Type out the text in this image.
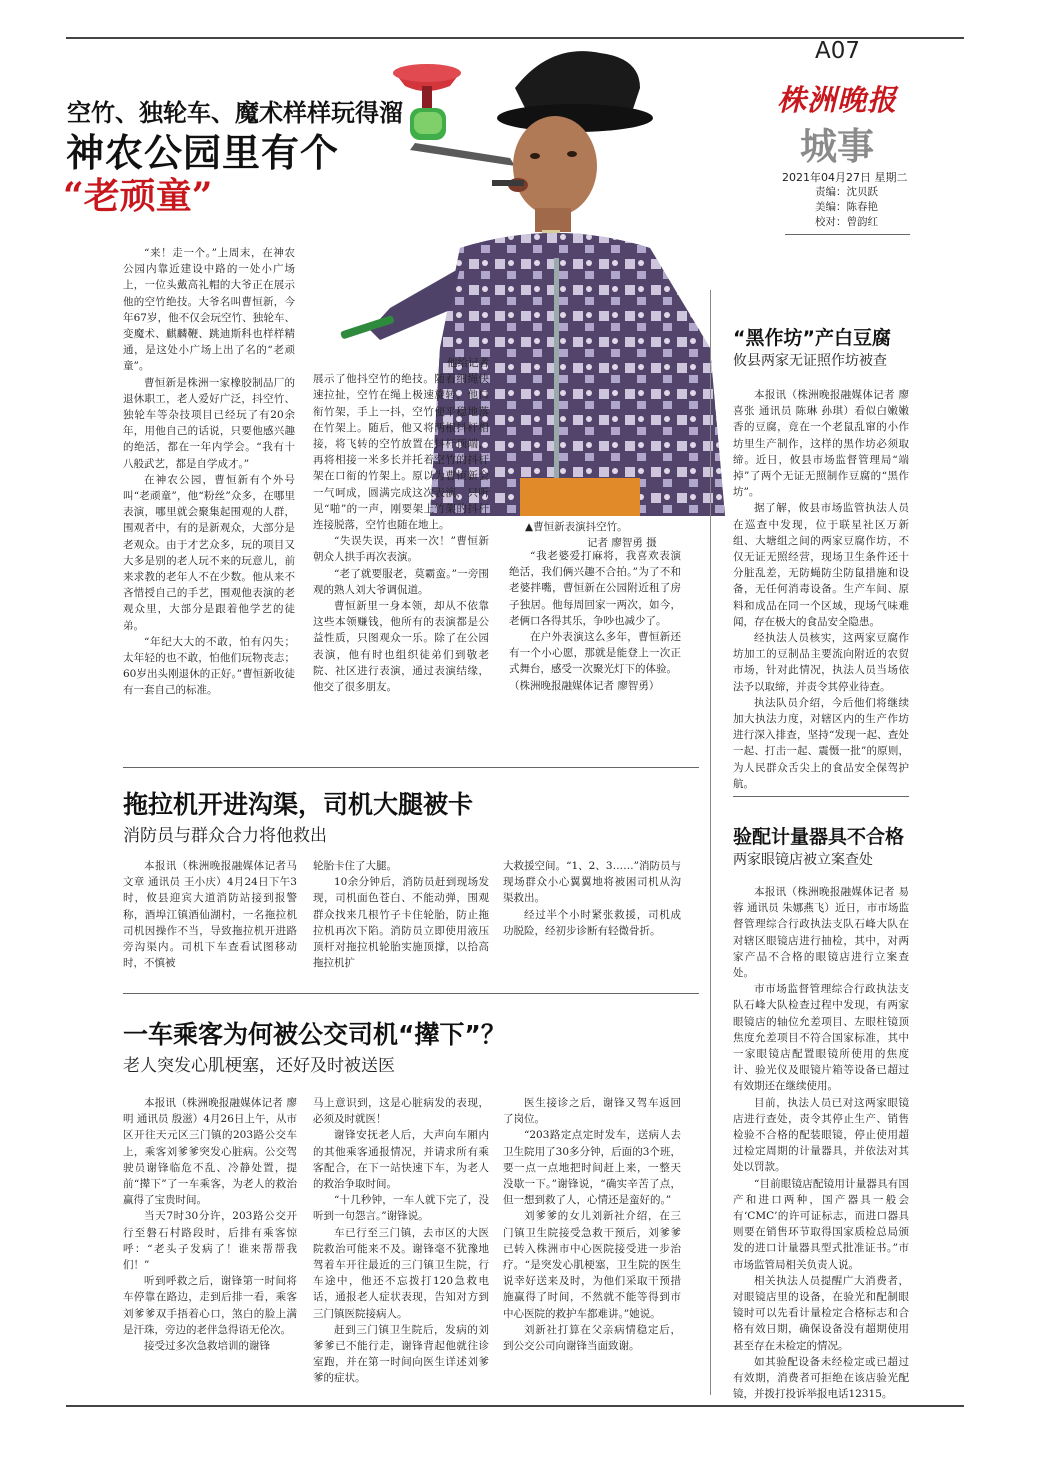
A07
株洲晚报
城事
2021年04月27日 星期二
责编：沈贝跃
美编：陈春艳
校对：曾韵红
空竹、独轮车、魔术样样玩得溜
神农公园里有个
“老顽童”
▲曹恒新表演抖空竹。
记者 廖智勇 摄

“来！走一个。”上周末，在神农公园内靠近建设中路的一处小广场上，一位头戴高礼帽的大爷正在展示他的空竹绝技。大爷名叫曹恒新，今年67岁，他不仅会玩空竹、独轮车、变魔术、麒麟鞭、跳迪斯科也样样精通，是这处小广场上出了名的“老顽童”。

曹恒新是株洲一家橡胶制品厂的退休职工，老人爱好广泛，抖空竹、独轮车等杂技项目已经玩了有20余年，用他自己的话说，只要他感兴趣的绝活，都在一年内学会。“我有十八般武艺，都是自学成才。”

在神农公园，曹恒新有个外号叫“老顽童”，他“粉丝”众多，在哪里表演，哪里就会聚集起围观的人群，围观者中，有的是新观众，大部分是老观众。由于才艺众多，玩的项目又大多是别的老人玩不来的玩意儿，前来求教的老年人不在少数。他从来不吝惜授自己的手艺，围观他表演的老观众里，大部分是跟着他学艺的徒弟。

“年纪大大的不敢，怕有闪失；太年轻的也不敢，怕他们玩物丧志；60岁出头刚退休的正好。”曹恒新收徒有一套自己的标准。

他给记者

展示了他抖空竹的绝技。随着细绳快速拉扯，空竹在绳上极速旋转，他口衔竹架，手上一抖，空竹便平稳地落在竹架上。随后，他又将两根抖杆相接，将飞转的空竹放置在抖杆顶端，再将相接一米多长并托着空竹的抖杆架在口衔的竹架上。原以为曹恒新会一气呵成，圆满完成这次表演，只听见“啪”的一声，刚要架上竹架的抖杆连接脱落，空竹也随在地上。

“失误失误，再来一次！”曹恒新朝众人拱手再次表演。

“老了就要服老，莫霸蛮。”一旁围观的熟人刘大爷调侃道。

曹恒新里一身本领，却从不依靠这些本领赚钱，他所有的表演都是公益性质，只图观众一乐。除了在公园表演，他有时也组织徒弟们到敬老院、社区进行表演，通过表演结缘，他交了很多朋友。

“我老婆爱打麻将，我喜欢表演绝活，我们俩兴趣不合拍。”为了不和老婆拌嘴，曹恒新在公园附近租了房子独居。他每周回家一两次，如今，老俩口各得其乐，争吵也减少了。

在户外表演这么多年，曹恒新还有一个小心愿，那就是能登上一次正式舞台，感受一次聚光灯下的体验。

（株洲晚报融媒体记者 廖智勇）

拖拉机开进沟渠，司机大腿被卡
消防员与群众合力将他救出

本报讯（株洲晚报融媒体记者马文章 通讯员 王小庆）4月24日下午3时，攸县迎宾大道消防站接到报警称，酒埠江镇酒仙湖村，一名拖拉机司机因操作不当，导致拖拉机开进路旁沟渠内。司机下车查看试图移动时，不慎被

轮胎卡住了大腿。

10余分钟后，消防员赶到现场发现，司机面色苍白、不能动弹，围观群众找来几根竹子卡住轮胎，防止拖拉机再次下陷。消防员立即使用液压顶杆对拖拉机轮胎实施顶撑，以拾高拖拉机扩

大救援空间。“1、2、3……”消防员与现场群众小心翼翼地将被困司机从沟渠救出。

经过半个小时紧张救援，司机成功脱险，经初步诊断有轻微骨折。

一车乘客为何被公交司机“撵下”？
老人突发心肌梗塞，还好及时被送医

本报讯（株洲晚报融媒体记者 廖明 通讯员 殷滋）4月26日上午，从市区开往天元区三门镇的203路公交车上，乘客刘爹爹突发心脏病。公交驾驶员谢锋临危不乱、冷静处置，提前“撵下”了一车乘客，为老人的救治赢得了宝贵时间。

当天7时30分许，203路公交开行至磐石村路段时，后排有乘客惊呼：“老头子发病了！谁来帮帮我们！”

听到呼救之后，谢锋第一时间将车停靠在路边，走到后排一看，乘客刘爹爹双手捂着心口，煞白的脸上满是汗珠，旁边的老伴急得语无伦次。

接受过多次急救培训的谢锋

马上意识到，这是心脏病发的表现，必须及时就医！

谢锋安抚老人后，大声向车厢内的其他乘客通报情况，并请求所有乘客配合，在下一站快速下车，为老人的救治争取时间。

“十几秒钟，一车人就下完了，没听到一句怨言。”谢锋说。

车已行至三门镇，去市区的大医院救治可能来不及。谢锋毫不犹豫地驾着车开往最近的三门镇卫生院，行车途中，他还不忘拨打120急救电话，通报老人症状表现，告知对方到三门镇医院接病人。

赶到三门镇卫生院后，发病的刘爹爹已不能行走，谢锋背起他就往诊室跑，并在第一时间向医生详述刘爹爹的症状。

医生接诊之后，谢锋又驾车返回了岗位。

“203路定点定时发车，送病人去卫生院用了30多分钟，后面的3个班，要一点一点地把时间赶上来，一整天没歇一下。”谢锋说，“确实辛苦了点，但一想到救了人，心情还是蛮好的。”

刘爹爹的女儿刘新社介绍，在三门镇卫生院接受急救干预后，刘爹爹已转入株洲市中心医院接受进一步治疗。“是突发心肌梗塞，卫生院的医生说幸好送来及时，为他们采取干预措施赢得了时间，不然就不能等得到市中心医院的救护车都难讲。”她说。

刘新社打算在父亲病情稳定后，到公交公司向谢锋当面致谢。

“黑作坊”产白豆腐
攸县两家无证照作坊被查

本报讯（株洲晚报融媒体记者 廖喜张 通讯员 陈琳 孙琪）看似白嫩嫩香的豆腐，竟在一个老鼠乱窜的小作坊里生产制作，这样的黑作坊必须取缔。近日，攸县市场监督管理局“端掉”了两个无证无照制作豆腐的“黑作坊”。

据了解，攸县市场监管执法人员在巡查中发现，位于联星社区万新组、大塘组之间的两家豆腐作坊，不仅无证无照经营，现场卫生条件还十分脏乱差，无防蝇防尘防鼠措施和设备，无任何消毒设备。生产车间、原料和成品在同一个区域，现场气味难闻，存在极大的食品安全隐患。

经执法人员核实，这两家豆腐作坊加工的豆制品主要流向附近的农贸市场，针对此情况，执法人员当场依法予以取缔，并责令其停业待查。

执法队员介绍，今后他们将继续加大执法力度，对辖区内的生产作坊进行深入排查，坚持“发现一起、查处一起、打击一起、震慑一批”的原则，为人民群众舌尖上的食品安全保驾护航。

验配计量器具不合格
两家眼镜店被立案查处

本报讯（株洲晚报融媒体记者 易蓉 通讯员 朱娜燕飞）近日，市市场监督管理综合行政执法支队石峰大队在对辖区眼镜店进行抽检，其中，对两家产品不合格的眼镜店进行立案查处。

市市场监督管理综合行政执法支队石峰大队检查过程中发现，有两家眼镜店的轴位允差项目、左眼柱镜顶焦度允差项目不符合国家标准，其中一家眼镜店配置眼镜所使用的焦度计、验光仪及眼镜片箱等设备已超过有效期还在继续使用。

目前，执法人员已对这两家眼镜店进行查处，责令其停止生产、销售检验不合格的配装眼镜，停止使用超过检定周期的计量器具，并依法对其处以罚款。

“目前眼镜店配镜用计量器具有国产和进口两种，国产器具一般会有‘CMC’的许可证标志，而进口器具则要在销售环节取得国家质检总局颁发的进口计量器具型式批准证书。”市市场监管局相关负责人说。

相关执法人员提醒广大消费者，对眼镜店里的设备，在验光和配制眼镜时可以先看计量检定合格标志和合格有效日期，确保设备没有超期使用甚至存在未检定的情况。

如其验配设备未经检定或已超过有效期，消费者可拒绝在该店验光配镜，并拨打投诉举报电话12315。
